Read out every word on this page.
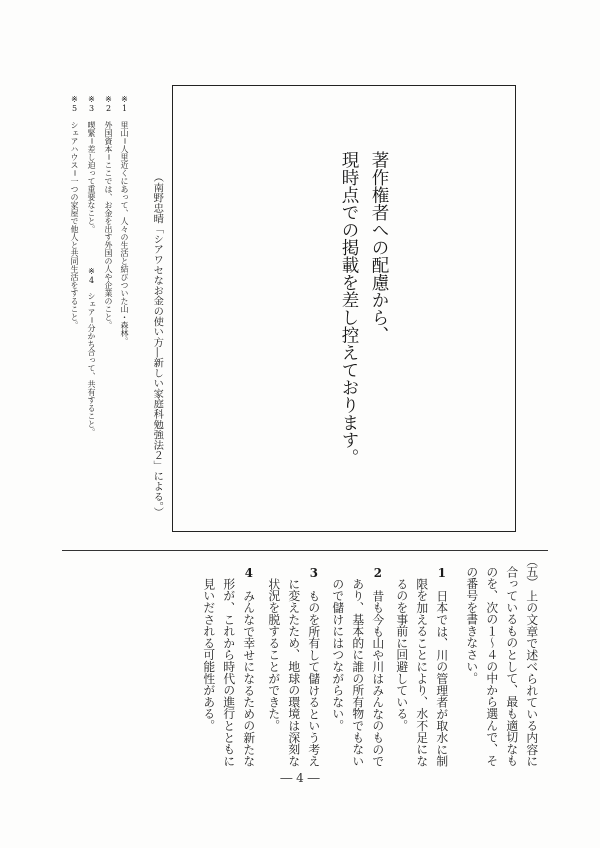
著作権者への配慮から、

現時点での掲載を差し控えております。

（南野忠晴「シアワセなお金の使い方―新しい家庭科勉強法２」による。）

※1
里山＝人里近くにあって、人々の生活と結びついた山・森林。
※2
外国資本＝ここでは、お金を出す外国の人や企業のこと。
※3
喫緊＝差し迫って重要なこと。
※4
シェア＝分かち合って、共有すること。
※5
シェアハウス＝一つの家屋で他人と共同生活をすること。
（五）
上の文章で述べられている内容に
合っているものとして、最も適切なも
のを、次の１～４の中から選んで、そ
の番号を書きなさい。
1
日本では、川の管理者が取水に制
限を加えることにより、水不足にな
るのを事前に回避している。
2
昔も今も山や川はみんなのもので
あり、基本的に誰の所有物でもない
ので儲けにはつながらない。
3
ものを所有して儲けるという考え
に変えたため、地球の環境は深刻な
状況を脱することができた。
4
みんなで幸せになるための新たな
形が、これから時代の進行とともに
見いだされる可能性がある。
― 4 ―
